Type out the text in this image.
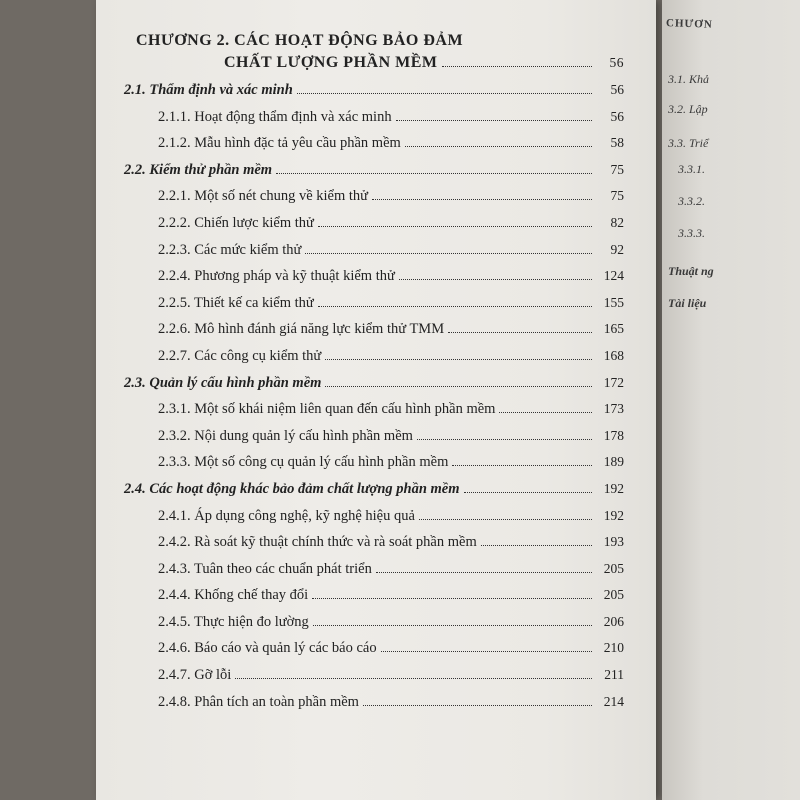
CHƯƠNG 2. CÁC HOẠT ĐỘNG BẢO ĐẢM
CHẤT LƯỢNG PHẦN MỀM	56
2.1. Thẩm định và xác minh	56
2.1.1. Hoạt động thẩm định và xác minh	56
2.1.2. Mẫu hình đặc tả yêu cầu phần mềm	58
2.2. Kiểm thử phần mềm	75
2.2.1. Một số nét chung về kiểm thử	75
2.2.2. Chiến lược kiểm thử	82
2.2.3. Các mức kiểm thử	92
2.2.4. Phương pháp và kỹ thuật kiểm thử	124
2.2.5. Thiết kế ca kiểm thử	155
2.2.6. Mô hình đánh giá năng lực kiểm thử TMM	165
2.2.7. Các công cụ kiểm thử	168
2.3. Quản lý cấu hình phần mềm	172
2.3.1. Một số khái niệm liên quan đến cấu hình phần mềm	173
2.3.2. Nội dung quản lý cấu hình phần mềm	178
2.3.3. Một số công cụ quản lý cấu hình phần mềm	189
2.4. Các hoạt động khác bảo đảm chất lượng phần mềm	192
2.4.1. Áp dụng công nghệ, kỹ nghệ hiệu quả	192
2.4.2. Rà soát kỹ thuật chính thức và rà soát phần mềm	193
2.4.3. Tuân theo các chuẩn phát triển	205
2.4.4. Khống chế thay đổi	205
2.4.5. Thực hiện đo lường	206
2.4.6. Báo cáo và quản lý các báo cáo	210
2.4.7. Gỡ lỗi	211
2.4.8. Phân tích an toàn phần mềm	214
CHƯƠN
3.1. Khả
3.2. Lập
3.3. Triể
3.3.1.
3.3.2.
3.3.3.
Thuật ng
Tài liệu
